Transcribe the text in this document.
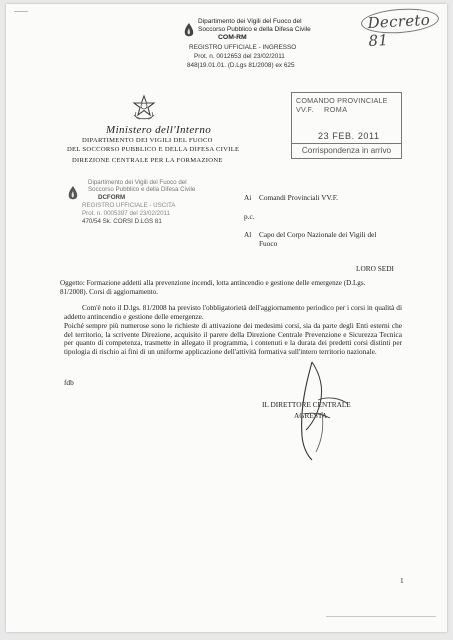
——	Decreto 81
Dipartimento dei Vigili del Fuoco del
Soccorso Pubblico e della Difesa Civile
COM-RM
REGISTRO UFFICIALE - INGRESSO
Prot. n. 0012653 del 23/02/2011
848|19.01.01. (D.Lgs 81/2008) ex 625
COMANDO PROVINCIALE VV.F.	ROMA
23 FEB. 2011
Corrispondenza in arrivo
Ministero dell'Interno
DIPARTIMENTO DEI VIGILI DEL FUOCO
DEL SOCCORSO PUBBLICO E DELLA DIFESA CIVILE
DIREZIONE CENTRALE PER LA FORMAZIONE
Dipartimento dei Vigili del Fuoco del
Soccorso Pubblico e della Difesa Civile
DCFORM
REGISTRO UFFICIALE - USCITA
Prot. n. 0005397 del 23/02/2011
470/54 Sk. CORSI D.LGS 81
Ai Comandi Provinciali VV.F.
p.c.
Al Capo del Corpo Nazionale dei Vigili del
Fuoco
LORO SEDI
Oggetto: Formazione addetti alla prevenzione incendi, lotta antincendio e gestione delle emergenze (D.Lgs.
81/2008). Corsi di aggiornamento.
Com'è noto il D.lgs. 81/2008 ha previsto l'obbligatorietà dell'aggiornamento periodico per i corsi in qualità di addetto antincendio e gestione delle emergenze.
Poiché sempre più numerose sono le richieste di attivazione dei medesimi corsi, sia da parte degli Enti esterni che del territorio, la scrivente Direzione, acquisito il parere della Direzione Centrale Prevenzione e Sicurezza Tecnica per quanto di competenza, trasmette in allegato il programma, i contenuti e la durata dei predetti corsi distinti per tipologia di rischio ai fini di un uniforme applicazione dell'attività formativa sull'intero territorio nazionale.
fdb
IL DIRETTORE CENTRALE
AGRESTA
1
